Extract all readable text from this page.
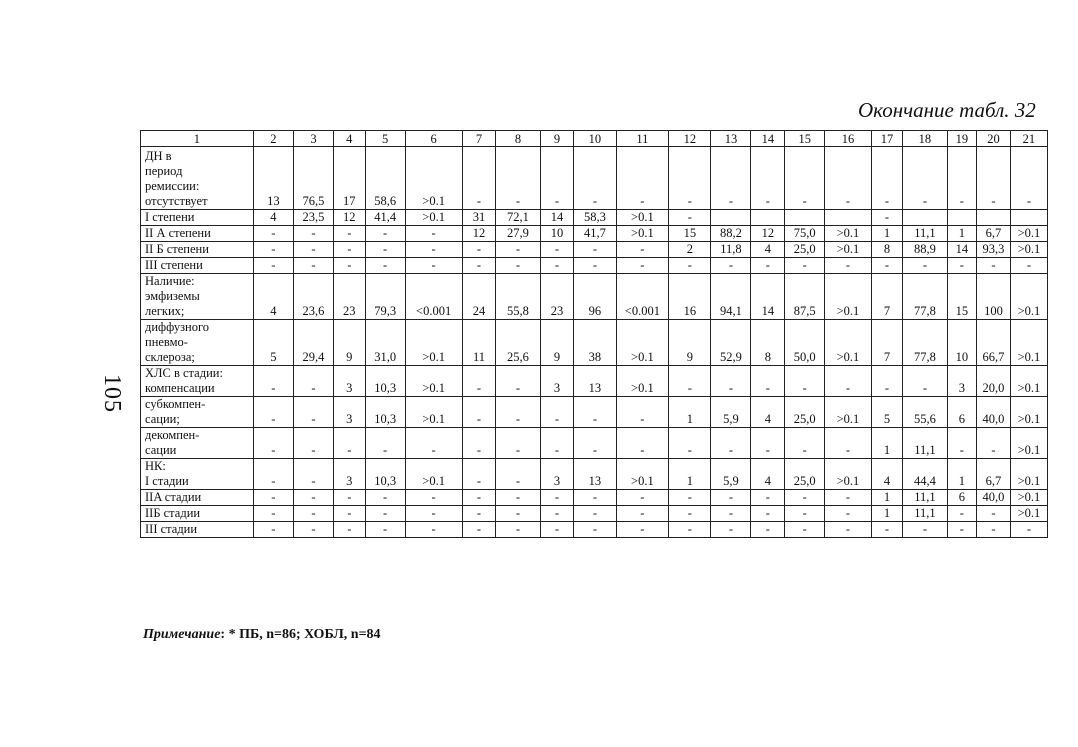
105
Окончание табл. 32
1	2	3	4	5	6	7	8	9	10	11	12	13	14	15	16	17	18	19	20	21

ДН в
период
ремиссии:
отсутствует	13	76,5	17	58,6	>0.1	-	-	-	-	-	-	-	-	-	-	-	-	-	-	-

I степени	4	23,5	12	41,4	>0.1	31	72,1	14	58,3	>0.1	-					-				

II А степени	-	-	-	-	-	12	27,9	10	41,7	>0.1	15	88,2	12	75,0	>0.1	1	11,1	1	6,7	>0.1

II Б степени	-	-	-	-	-	-	-	-	-	-	2	11,8	4	25,0	>0.1	8	88,9	14	93,3	>0.1

III степени	-	-	-	-	-	-	-	-	-	-	-	-	-	-	-	-	-	-	-	-

Наличие:
эмфиземы
легких;	4	23,6	23	79,3	<0.001	24	55,8	23	96	<0.001	16	94,1	14	87,5	>0.1	7	77,8	15	100	>0.1

диффузного
пневмо-
склероза;	5	29,4	9	31,0	>0.1	11	25,6	9	38	>0.1	9	52,9	8	50,0	>0.1	7	77,8	10	66,7	>0.1

ХЛС в стадии:
компенсации	-	-	3	10,3	>0.1	-	-	3	13	>0.1	-	-	-	-	-	-	-	3	20,0	>0.1

субкомпен-
сации;	-	-	3	10,3	>0.1	-	-	-	-	-	1	5,9	4	25,0	>0.1	5	55,6	6	40,0	>0.1

декомпен-
сации	-	-	-	-	-	-	-	-	-	-	-	-	-	-	-	1	11,1	-	-	>0.1

НК:
I стадии	-	-	3	10,3	>0.1	-	-	3	13	>0.1	1	5,9	4	25,0	>0.1	4	44,4	1	6,7	>0.1

IIA стадии	-	-	-	-	-	-	-	-	-	-	-	-	-	-	-	1	11,1	6	40,0	>0.1

IIБ стадии	-	-	-	-	-	-	-	-	-	-	-	-	-	-	-	1	11,1	-	-	>0.1

III стадии	-	-	-	-	-	-	-	-	-	-	-	-	-	-	-	-	-	-	-	-
Примечание: * ПБ, n=86; ХОБЛ, n=84
